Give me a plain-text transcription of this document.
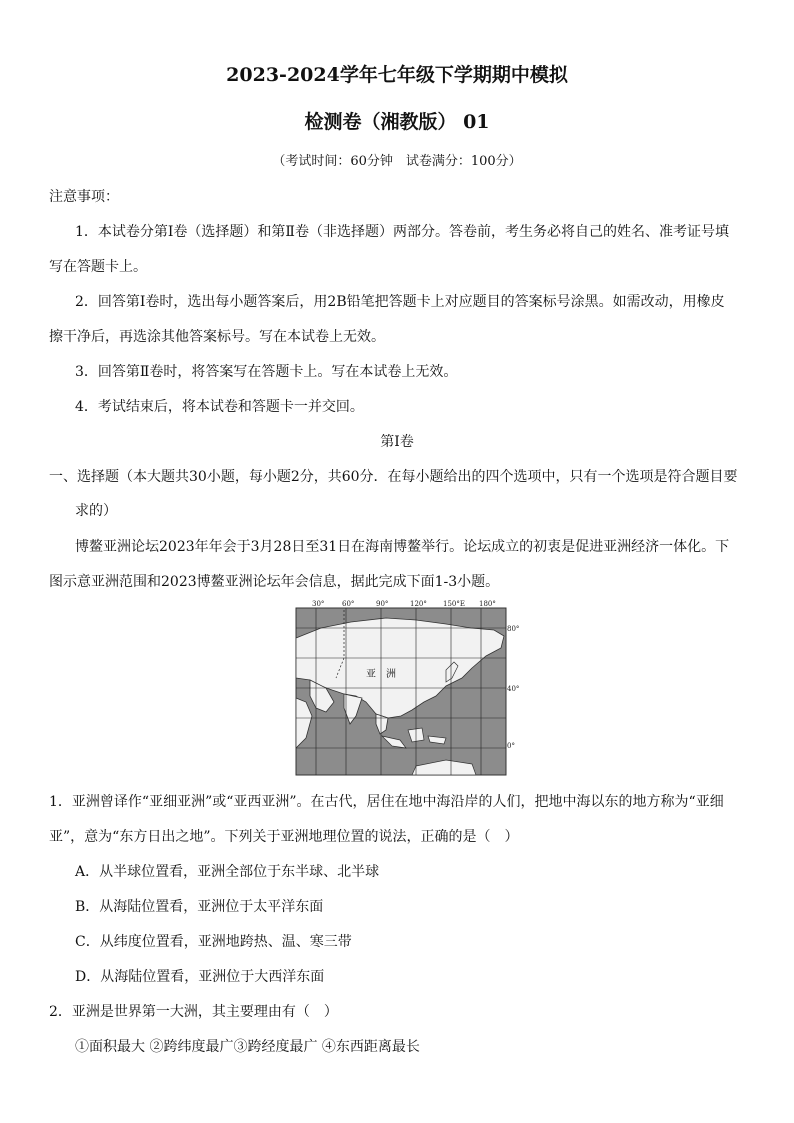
2023-2024学年七年级下学期期中模拟
检测卷（湘教版） 01
（考试时间：60分钟　试卷满分：100分）
注意事项：
1．本试卷分第Ⅰ卷（选择题）和第Ⅱ卷（非选择题）两部分。答卷前，考生务必将自己的姓名、准考证号填
写在答题卡上。
2．回答第Ⅰ卷时，选出每小题答案后，用2B铅笔把答题卡上对应题目的答案标号涂黑。如需改动，用橡皮
擦干净后，再选涂其他答案标号。写在本试卷上无效。
3．回答第Ⅱ卷时，将答案写在答题卡上。写在本试卷上无效。
4．考试结束后，将本试卷和答题卡一并交回。
第Ⅰ卷
一、选择题（本大题共30小题，每小题2分，共60分．在每小题给出的四个选项中，只有一个选项是符合题目要
求的）
博鳌亚洲论坛2023年年会于3月28日至31日在海南博鳌举行。论坛成立的初衷是促进亚洲经济一体化。下
图示意亚洲范围和2023博鳌亚洲论坛年会信息，据此完成下面1-3小题。
30°	60°	90°	120° 150°E 180°
80°
40°
0°
亚　洲
1．亚洲曾译作“亚细亚洲”或“亚西亚洲”。在古代，居住在地中海沿岸的人们，把地中海以东的地方称为“亚细
亚”，意为“东方日出之地”。下列关于亚洲地理位置的说法，正确的是（　）
A．从半球位置看，亚洲全部位于东半球、北半球
B．从海陆位置看，亚洲位于太平洋东面
C．从纬度位置看，亚洲地跨热、温、寒三带
D．从海陆位置看，亚洲位于大西洋东面
2．亚洲是世界第一大洲，其主要理由有（　）
①面积最大 ②跨纬度最广③跨经度最广 ④东西距离最长
